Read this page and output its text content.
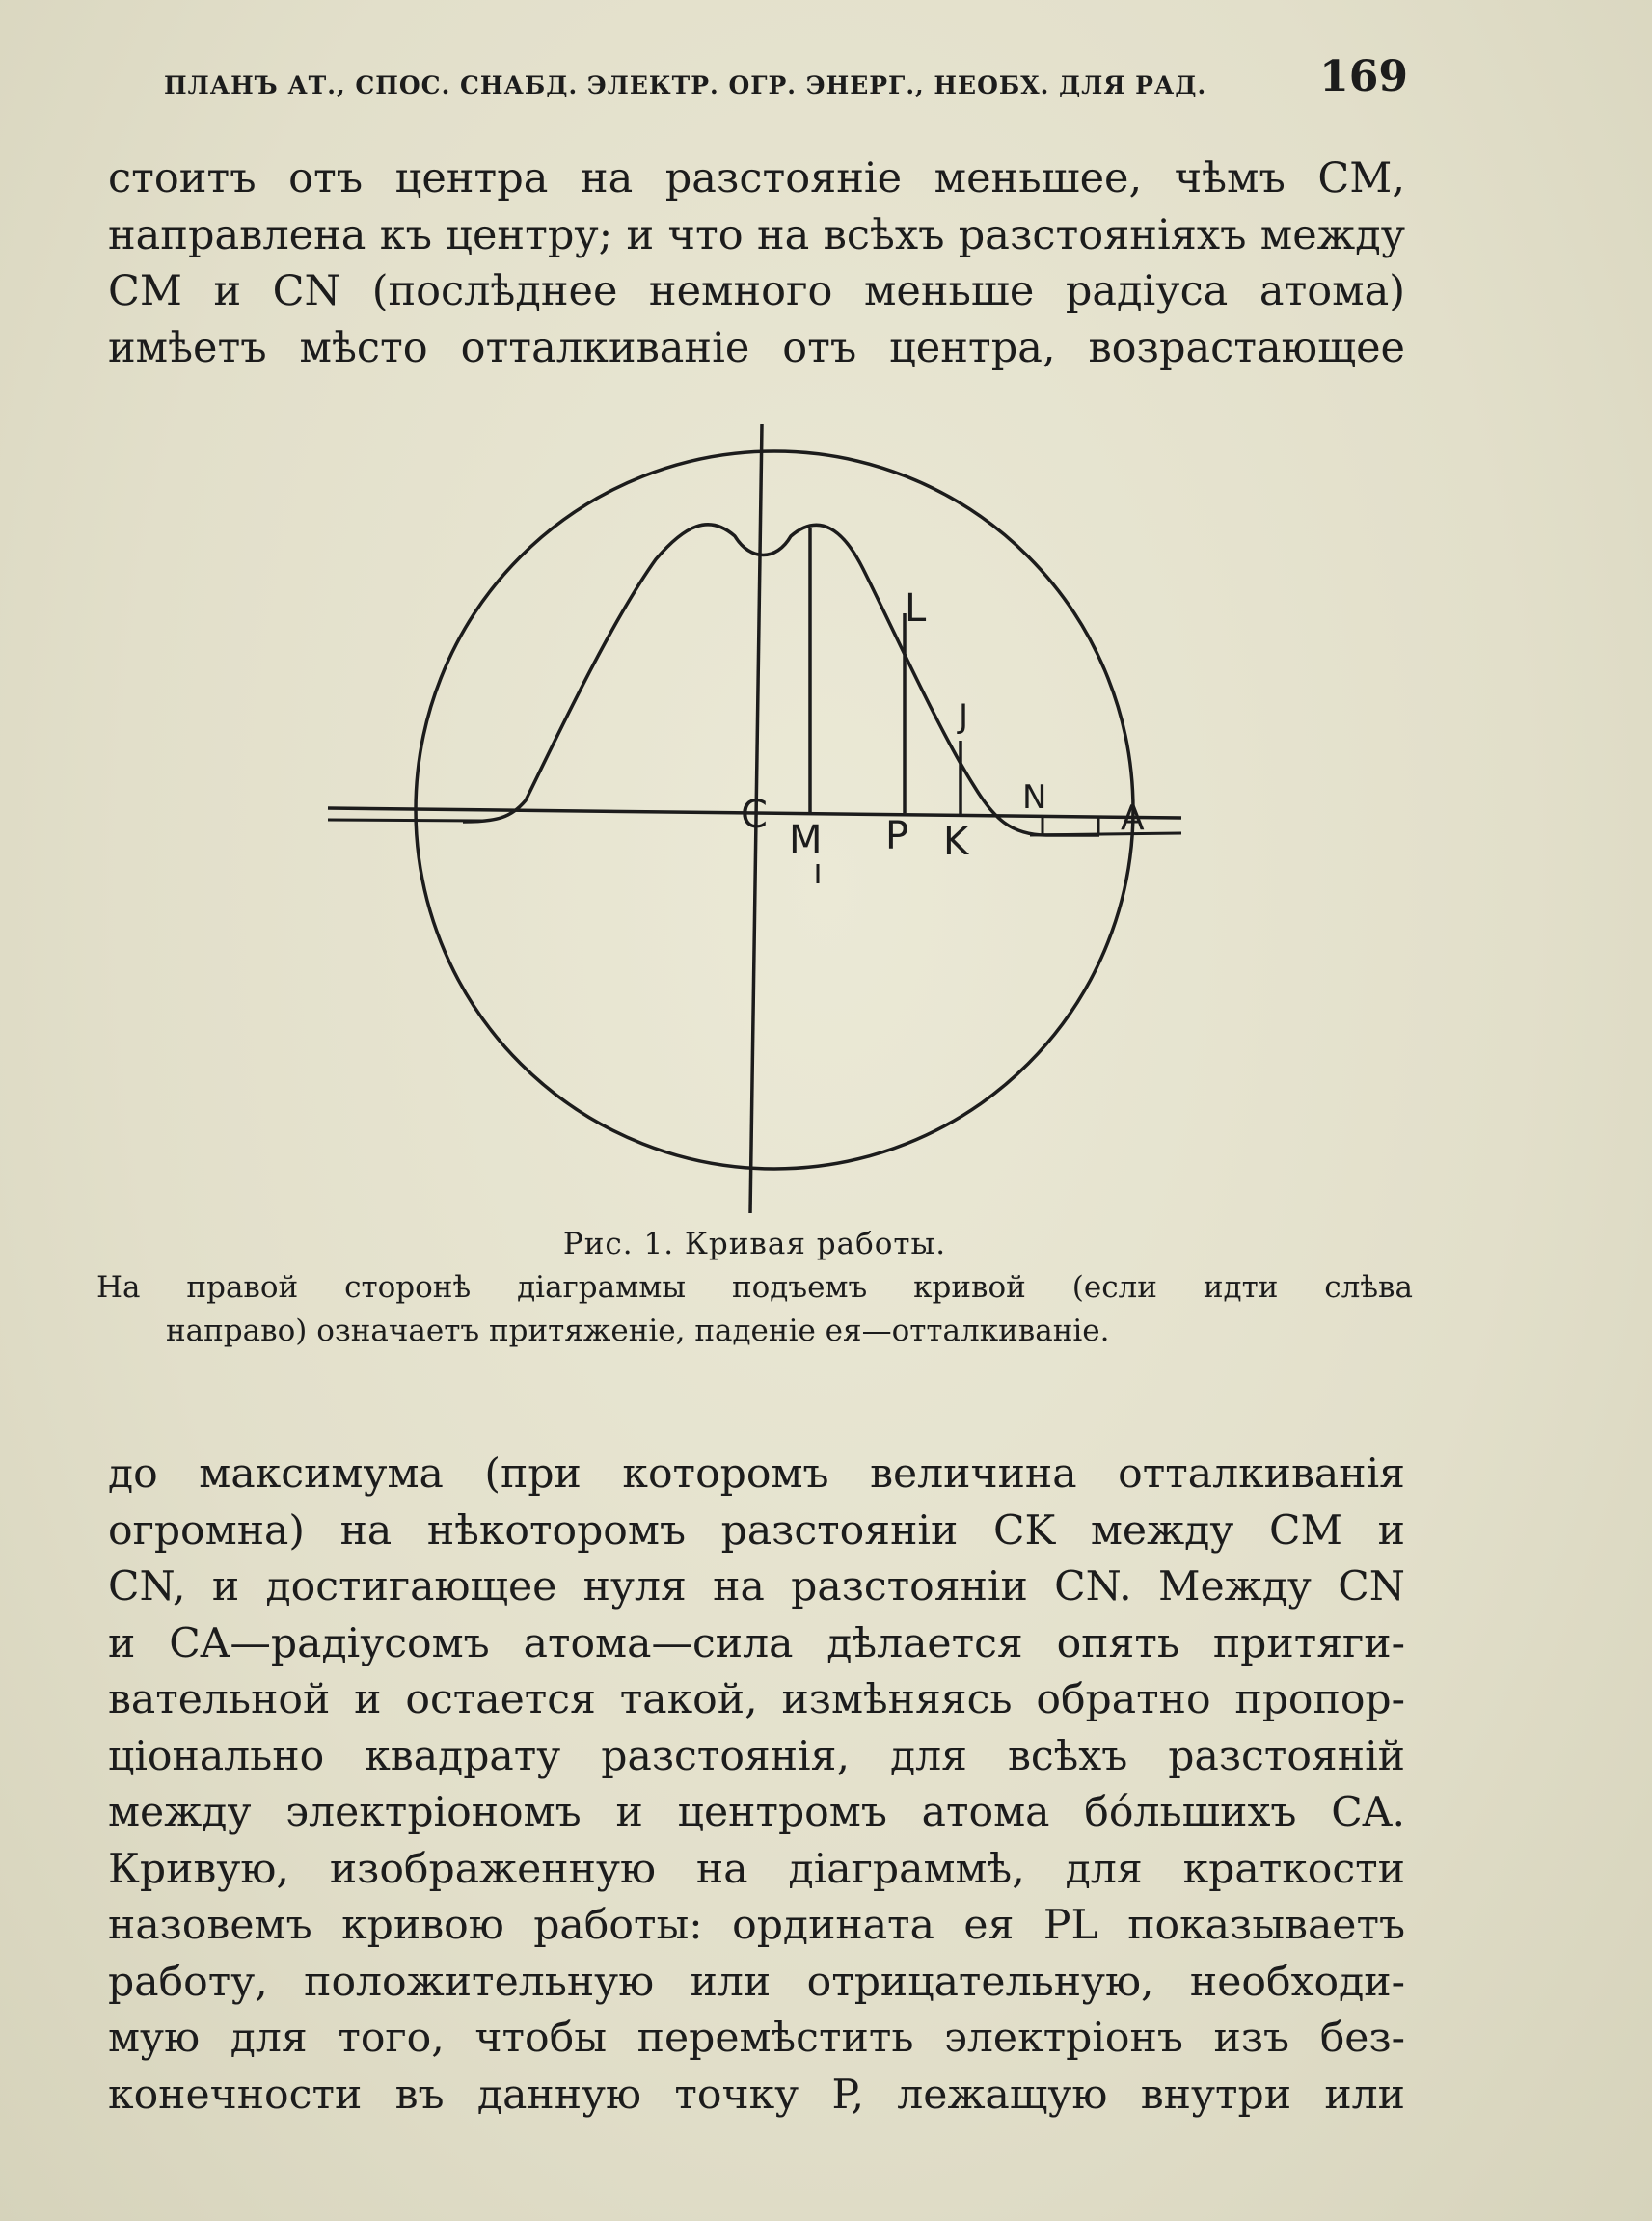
ПЛАНЪ АТ., СПОС. СНАБД. ЭЛЕКТР. ОГР. ЭНЕРГ., НЕОБХ. ДЛЯ РАД.	169
стоитъ отъ центра на разстояніе меньшее, чѣмъ CM,
направлена къ центру; и что на всѣхъ разстояніяхъ между
CM и CN (послѣднее немного меньше радіуса атома)
имѣетъ мѣсто отталкиваніе отъ центра, возрастающее
C
M P K
L
J
N
A
Рис. 1. Кривая работы.
На правой сторонѣ діаграммы подъемъ кривой (если идти слѣва
направо) означаетъ притяженіе, паденіе ея—отталкиваніе.
до максимума (при которомъ величина отталкиванія
огромна) на нѣкоторомъ разстояніи CK между CM и
CN, и достигающее нуля на разстояніи CN. Между CN
и CA—радіусомъ атома—сила дѣлается опять притяги-
вательной и остается такой, измѣняясь обратно пропор-
ціонально квадрату разстоянія, для всѣхъ разстояній
между электріономъ и центромъ атома бо́льшихъ CA.
Кривую, изображенную на діаграммѣ, для краткости
назовемъ кривою работы: ордината ея PL показываетъ
работу, положительную или отрицательную, необходи-
мую для того, чтобы перемѣстить электріонъ изъ без-
конечности въ данную точку P, лежащую внутри или
